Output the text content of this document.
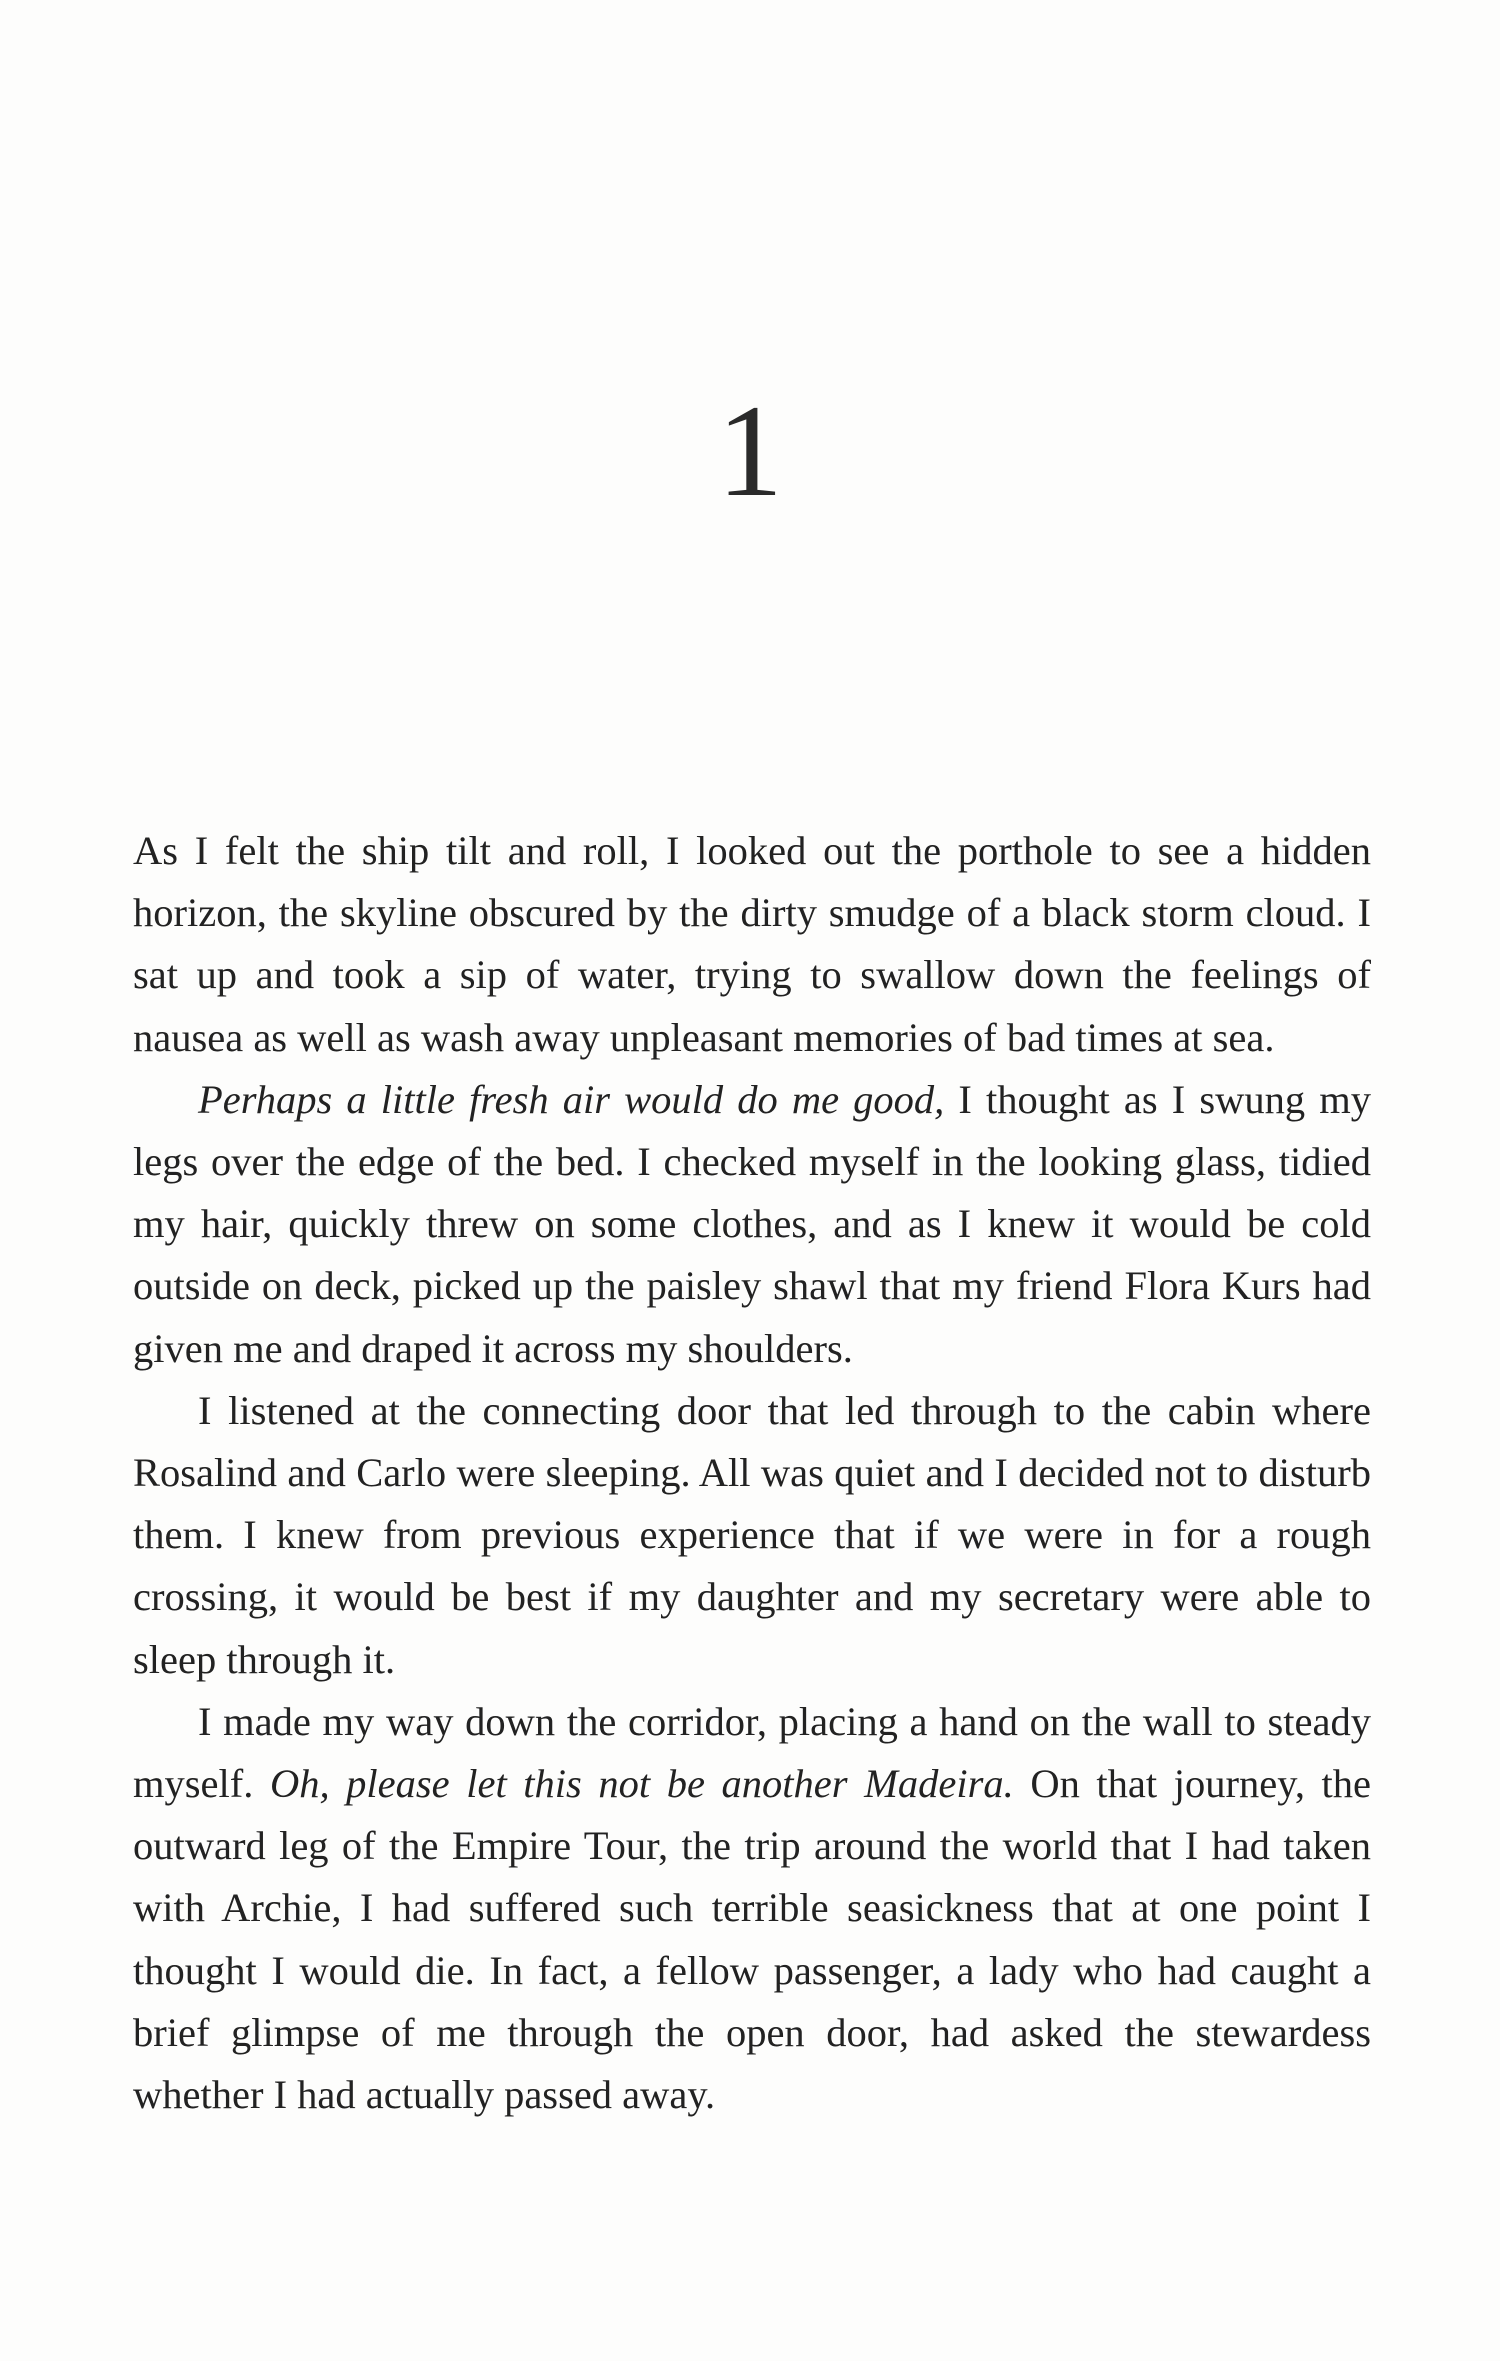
1

As I felt the ship tilt and roll, I looked out the porthole to see a hidden horizon, the skyline obscured by the dirty smudge of a black storm cloud. I sat up and took a sip of water, trying to swallow down the feelings of nausea as well as wash away unpleasant memories of bad times at sea.

Perhaps a little fresh air would do me good, I thought as I swung my legs over the edge of the bed. I checked myself in the looking glass, tidied my hair, quickly threw on some clothes, and as I knew it would be cold outside on deck, picked up the paisley shawl that my friend Flora Kurs had given me and draped it across my shoulders.

I listened at the connecting door that led through to the cabin where Rosalind and Carlo were sleeping. All was quiet and I decided not to disturb them. I knew from previous experience that if we were in for a rough crossing, it would be best if my daughter and my secretary were able to sleep through it.

I made my way down the corridor, placing a hand on the wall to steady myself. Oh, please let this not be another Madeira. On that journey, the outward leg of the Empire Tour, the trip around the world that I had taken with Archie, I had suffered such terrible seasickness that at one point I thought I would die. In fact, a fellow passenger, a lady who had caught a brief glimpse of me through the open door, had asked the stewardess whether I had actually passed away.
